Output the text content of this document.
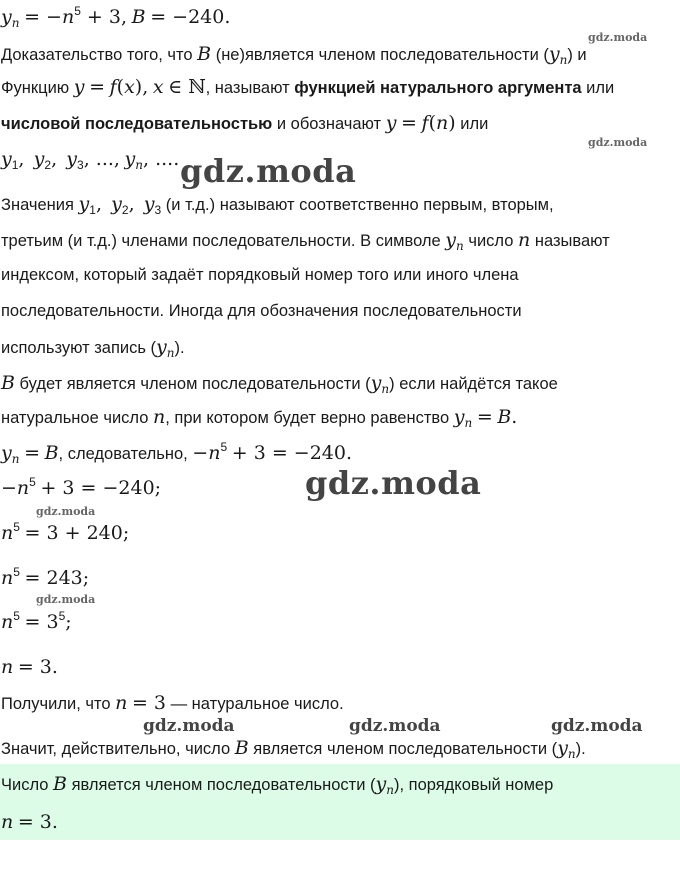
$y_n = -n^5 + 3$, B = −240.
Доказательство того, что B (не)является членом последовательности $(y_n)$ и
Функцию y = f(x), x ∈ ℕ, называют функцией натурального аргумента или
числовой последовательностью и обозначают y = f(n) или
$y_1$, $y_2$, $y_3$, ..., $y_n$, ....
Значения $y_1$, $y_2$, $y_3$ (и т.д.) называют соответственно первым, вторым,
третьим (и т.д.) членами последовательности. В символе $y_n$ число n называют
индексом, который задаёт порядковый номер того или иного члена
последовательности. Иногда для обозначения последовательности
используют запись $(y_n)$.
B будет является членом последовательности $(y_n)$ если найдётся такое
натуральное число n, при котором будет верно равенство $y_n = B$.
$y_n = B$, следовательно, $-n^5 + 3 = -240$.
$-n^5 + 3 = -240$;
$n^5 = 3 + 240$;
$n^5 = 243$;
$n^5 = 3^5$;
n = 3.
Получили, что n = 3 — натуральное число.
Значит, действительно, число B является членом последовательности $(y_n)$.
Число B является членом последовательности $(y_n)$, порядковый номер
n = 3.
gdz.moda
gdz.moda
gdz.moda
gdz.moda
gdz.moda
gdz.moda
gdz.moda	gdz.moda	gdz.moda
